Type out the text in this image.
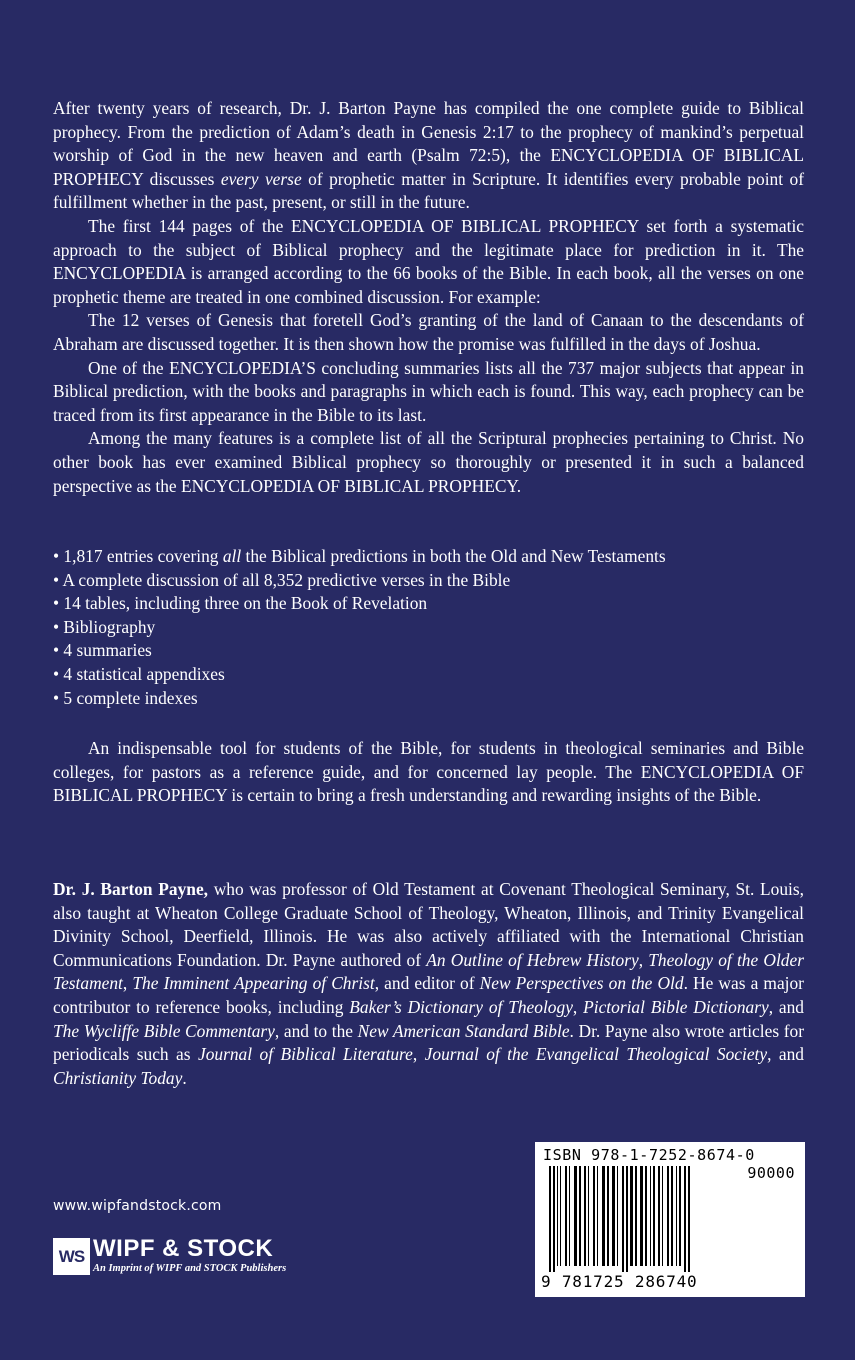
After twenty years of research, Dr. J. Barton Payne has compiled the one complete guide to Biblical prophecy. From the prediction of Adam’s death in Genesis 2:17 to the prophecy of mankind’s perpetual worship of God in the new heaven and earth (Psalm 72:5), the ENCYCLOPEDIA OF BIBLICAL PROPHECY discusses every verse of prophetic matter in Scripture. It identifies every probable point of fulfillment whether in the past, present, or still in the future.

The first 144 pages of the ENCYCLOPEDIA OF BIBLICAL PROPHECY set forth a systematic approach to the subject of Biblical prophecy and the legitimate place for prediction in it. The ENCYCLOPEDIA is arranged according to the 66 books of the Bible. In each book, all the verses on one prophetic theme are treated in one combined discussion. For example:

The 12 verses of Genesis that foretell God’s granting of the land of Canaan to the descendants of Abraham are discussed together. It is then shown how the promise was fulfilled in the days of Joshua.

One of the ENCYCLOPEDIA’S concluding summaries lists all the 737 major subjects that appear in Biblical prediction, with the books and paragraphs in which each is found. This way, each prophecy can be traced from its first appearance in the Bible to its last.

Among the many features is a complete list of all the Scriptural prophecies pertaining to Christ. No other book has ever examined Biblical prophecy so thoroughly or presented it in such a balanced perspective as the ENCYCLOPEDIA OF BIBLICAL PROPHECY.

• 1,817 entries covering all the Biblical predictions in both the Old and New Testaments
• A complete discussion of all 8,352 predictive verses in the Bible
• 14 tables, including three on the Book of Revelation
• Bibliography
• 4 summaries
• 4 statistical appendixes
• 5 complete indexes

An indispensable tool for students of the Bible, for students in theological seminaries and Bible colleges, for pastors as a reference guide, and for concerned lay people. The ENCYCLOPEDIA OF BIBLICAL PROPHECY is certain to bring a fresh understanding and rewarding insights of the Bible.

Dr. J. Barton Payne, who was professor of Old Testament at Covenant Theological Seminary, St. Louis, also taught at Wheaton College Graduate School of Theology, Wheaton, Illinois, and Trinity Evangelical Divinity School, Deerfield, Illinois. He was also actively affiliated with the International Christian Communications Foundation. Dr. Payne authored of An Outline of Hebrew History, Theology of the Older Testament, The Imminent Appearing of Christ, and editor of New Perspectives on the Old. He was a major contributor to reference books, including Baker’s Dictionary of Theology, Pictorial Bible Dictionary, and The Wycliffe Bible Commentary, and to the New American Standard Bible. Dr. Payne also wrote articles for periodicals such as Journal of Biblical Literature, Journal of the Evangelical Theological Society, and Christianity Today.

www.wipfandstock.com
WS WIPF & STOCK
An Imprint of WIPF and STOCK Publishers
ISBN 978-1-7252-8674-0
90000
9 781725 286740
